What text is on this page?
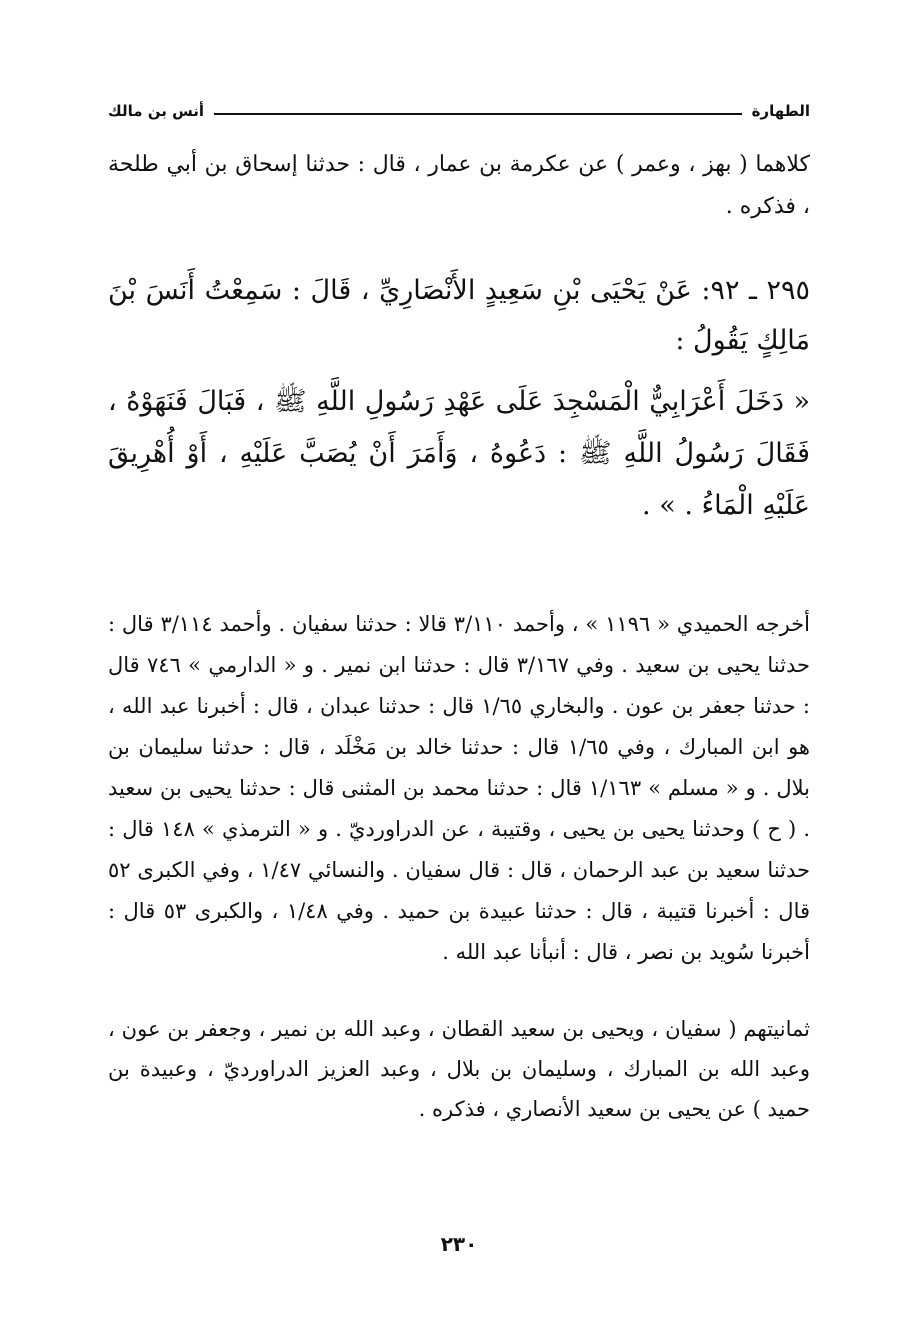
الطهارة
أنس بن مالك

كلاهما ( بهز ، وعمر ) عن عكرمة بن عمار ، قال : حدثنا إسحاق بن أبي طلحة ، فذكره .

٢٩٥ ـ ٩٢: عَنْ يَحْيَى بْنِ سَعِيدٍ الأَنْصَارِيِّ ، قَالَ : سَمِعْتُ أَنَسَ بْنَ مَالِكٍ يَقُولُ :

« دَخَلَ أَعْرَابِيٌّ الْمَسْجِدَ عَلَى عَهْدِ رَسُولِ اللَّهِ ﷺ ، فَبَالَ فَنَهَوْهُ ، فَقَالَ رَسُولُ اللَّهِ ﷺ : دَعُوهُ ، وَأَمَرَ أَنْ يُصَبَّ عَلَيْهِ ، أَوْ أُهْرِيقَ عَلَيْهِ الْمَاءُ . » .

أخرجه الحميدي « ١١٩٦ » ، وأحمد ٣/١١٠ قالا : حدثنا سفيان . وأحمد ٣/١١٤ قال : حدثنا يحيى بن سعيد . وفي ٣/١٦٧ قال : حدثنا ابن نمير . و « الدارمي » ٧٤٦ قال : حدثنا جعفر بن عون . والبخاري ١/٦٥ قال : حدثنا عبدان ، قال : أخبرنا عبد الله ، هو ابن المبارك ، وفي ١/٦٥ قال : حدثنا خالد بن مَخْلَد ، قال : حدثنا سليمان بن بلال . و « مسلم » ١/١٦٣ قال : حدثنا محمد بن المثنى قال : حدثنا يحيى بن سعيد . ( ح ) وحدثنا يحيى بن يحيى ، وقتيبة ، عن الدراورديّ . و « الترمذي » ١٤٨ قال : حدثنا سعيد بن عبد الرحمان ، قال : قال سفيان . والنسائي ١/٤٧ ، وفي الكبرى ٥٢ قال : أخبرنا قتيبة ، قال : حدثنا عبيدة بن حميد . وفي ١/٤٨ ، والكبرى ٥٣ قال : أخبرنا سُويد بن نصر ، قال : أنبأنا عبد الله .

ثمانيتهم ( سفيان ، ويحيى بن سعيد القطان ، وعبد الله بن نمير ، وجعفر بن عون ، وعبد الله بن المبارك ، وسليمان بن بلال ، وعبد العزيز الدراورديّ ، وعبيدة بن حميد ) عن يحيى بن سعيد الأنصاري ، فذكره .

٢٣٠
